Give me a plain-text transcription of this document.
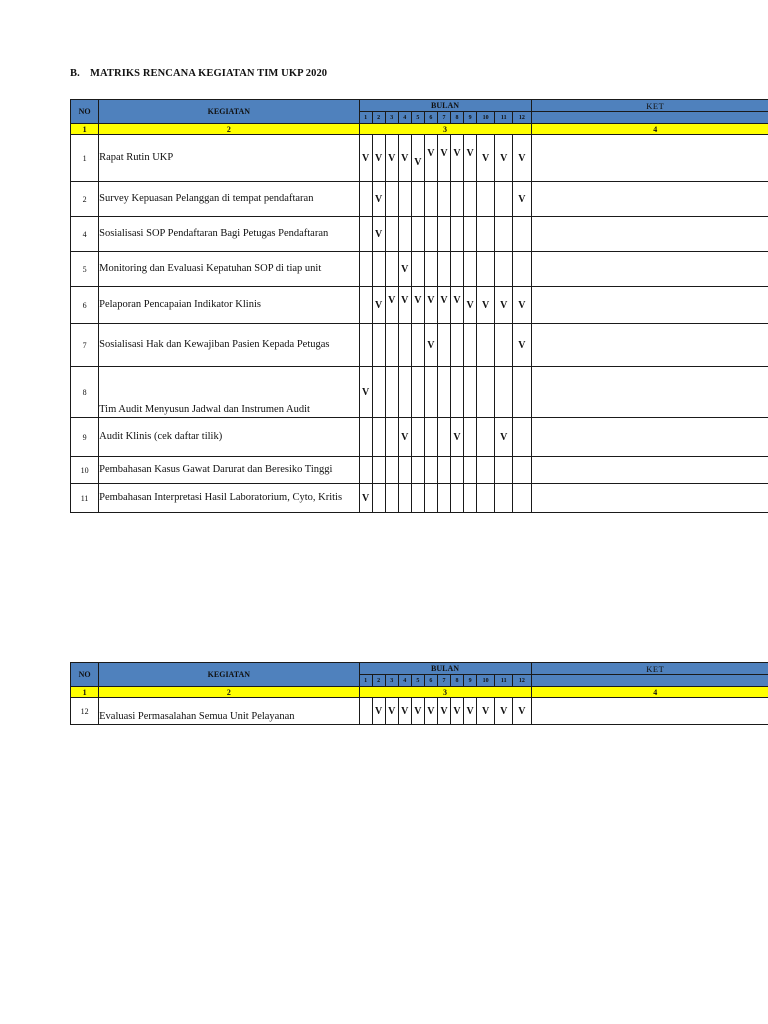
B. MATRIKS RENCANA KEGIATAN TIM UKP 2020
NO	KEGIATAN	BULAN												KET
		1	2	3	4	5	6	7	8	9	10	11	12	
1	2	3												4
1	Rapat Rutin UKP	V	V	V	V	V	V	V	V	V	V	V	V	
2	Survey Kepuasan Pelanggan di tempat pendaftaran		V										V	
4	Sosialisasi SOP Pendaftaran Bagi Petugas Pendaftaran		V											
5	Monitoring dan Evaluasi Kepatuhan SOP di tiap unit				V									
6	Pelaporan Pencapaian Indikator Klinis		V	V	V	V	V	V	V	V	V	V	V	
7	Sosialisasi Hak dan Kewajiban Pasien Kepada Petugas						V						V	
8	Tim Audit Menyusun Jadwal dan Instrumen Audit	V												
9	Audit Klinis (cek daftar tilik)				V				V			V		
10	Pembahasan Kasus Gawat Darurat dan Beresiko Tinggi													
11	Pembahasan Interpretasi Hasil Laboratorium, Cyto, Kritis	V												
NO	KEGIATAN	BULAN												KET
		1	2	3	4	5	6	7	8	9	10	11	12	
1	2	3												4
12	Evaluasi Permasalahan Semua Unit Pelayanan		V	V	V	V	V	V	V	V	V	V	V	
